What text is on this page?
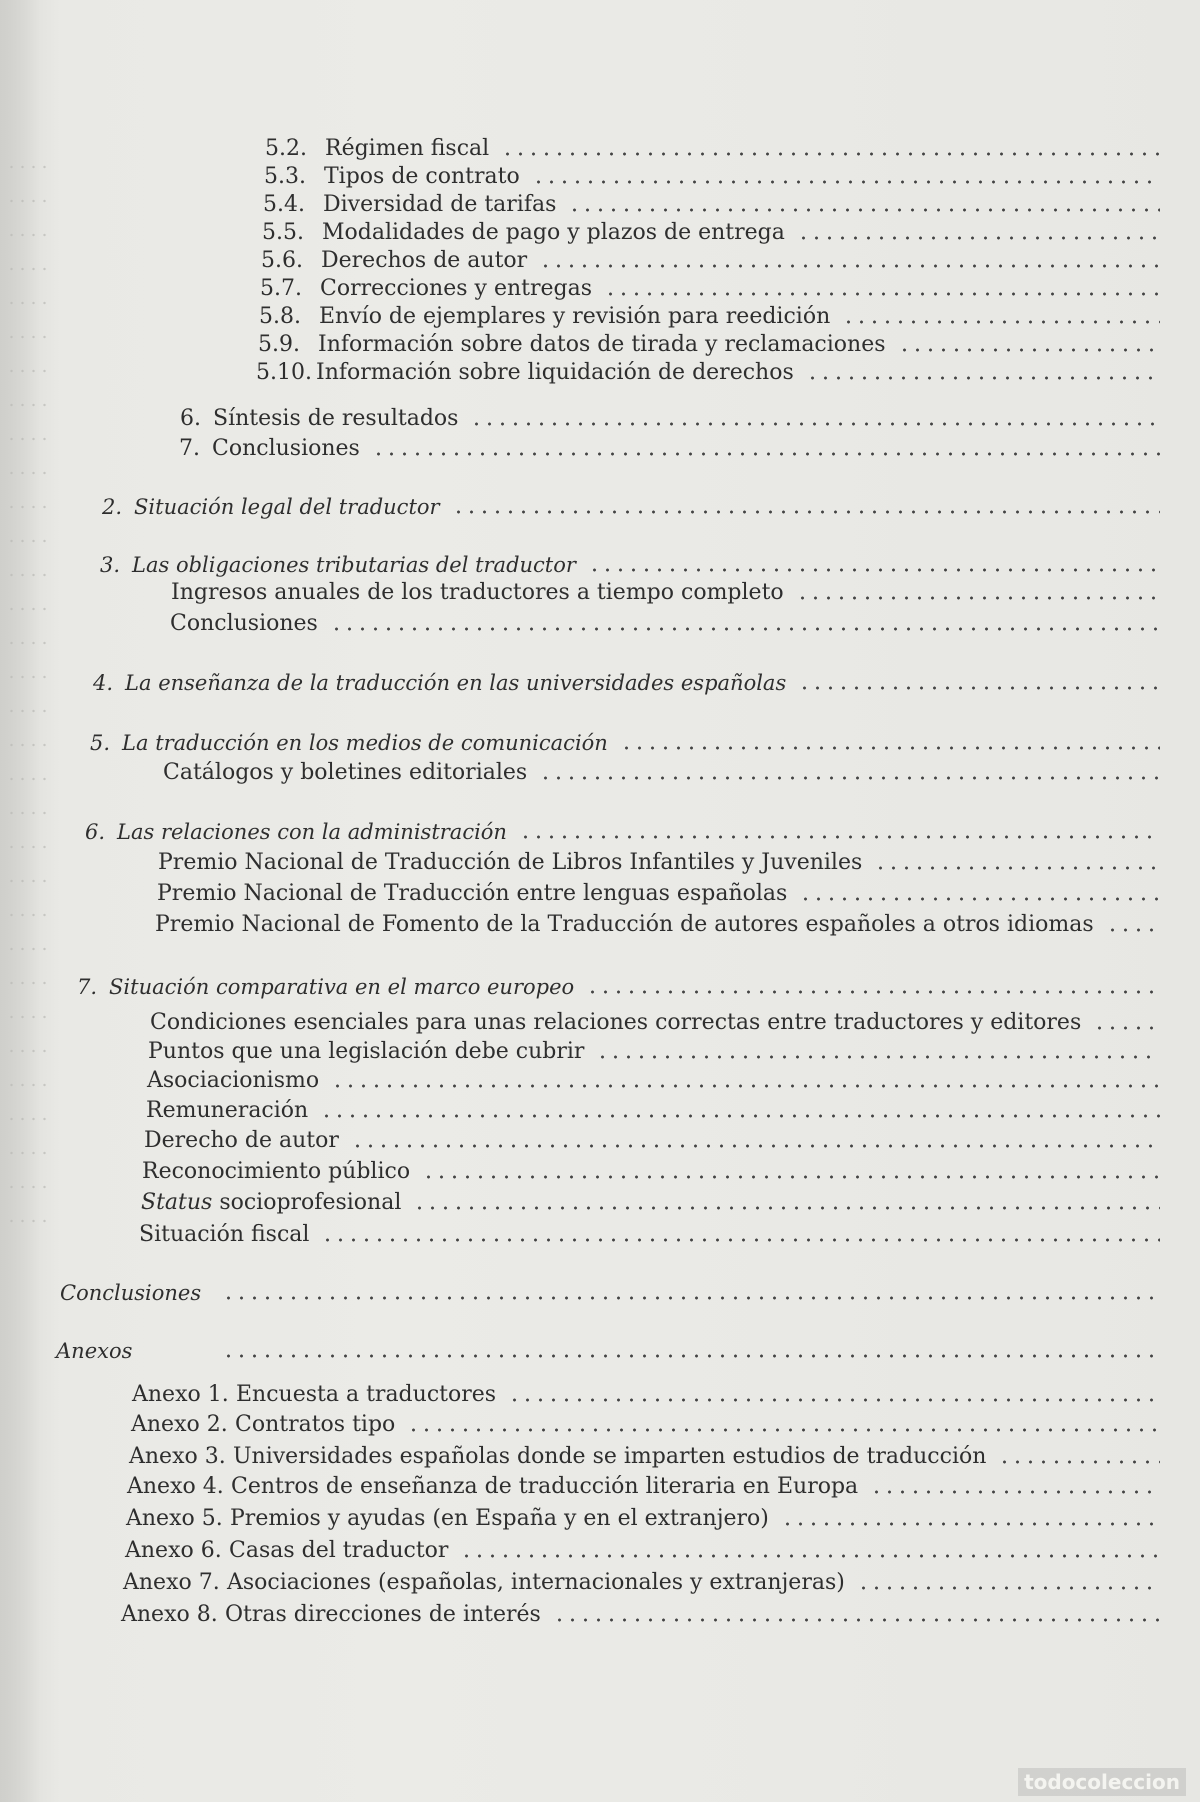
5.2. Régimen fiscal
5.3. Tipos de contrato
5.4. Diversidad de tarifas
5.5. Modalidades de pago y plazos de entrega
5.6. Derechos de autor
5.7. Correcciones y entregas
5.8. Envío de ejemplares y revisión para reedición
5.9. Información sobre datos de tirada y reclamaciones
5.10. Información sobre liquidación de derechos
6. Síntesis de resultados
7. Conclusiones
2. Situación legal del traductor
3. Las obligaciones tributarias del traductor
Ingresos anuales de los traductores a tiempo completo
Conclusiones
4. La enseñanza de la traducción en las universidades españolas
5. La traducción en los medios de comunicación
Catálogos y boletines editoriales
6. Las relaciones con la administración
Premio Nacional de Traducción de Libros Infantiles y Juveniles
Premio Nacional de Traducción entre lenguas españolas
Premio Nacional de Fomento de la Traducción de autores españoles a otros idiomas
7. Situación comparativa en el marco europeo
Condiciones esenciales para unas relaciones correctas entre traductores y editores
Puntos que una legislación debe cubrir
Asociacionismo
Remuneración
Derecho de autor
Reconocimiento público
Status socioprofesional
Situación fiscal
Conclusiones
Anexos
Anexo 1. Encuesta a traductores
Anexo 2. Contratos tipo
Anexo 3. Universidades españolas donde se imparten estudios de traducción
Anexo 4. Centros de enseñanza de traducción literaria en Europa
Anexo 5. Premios y ayudas (en España y en el extranjero)
Anexo 6. Casas del traductor
Anexo 7. Asociaciones (españolas, internacionales y extranjeras)
Anexo 8. Otras direcciones de interés
todocoleccion
